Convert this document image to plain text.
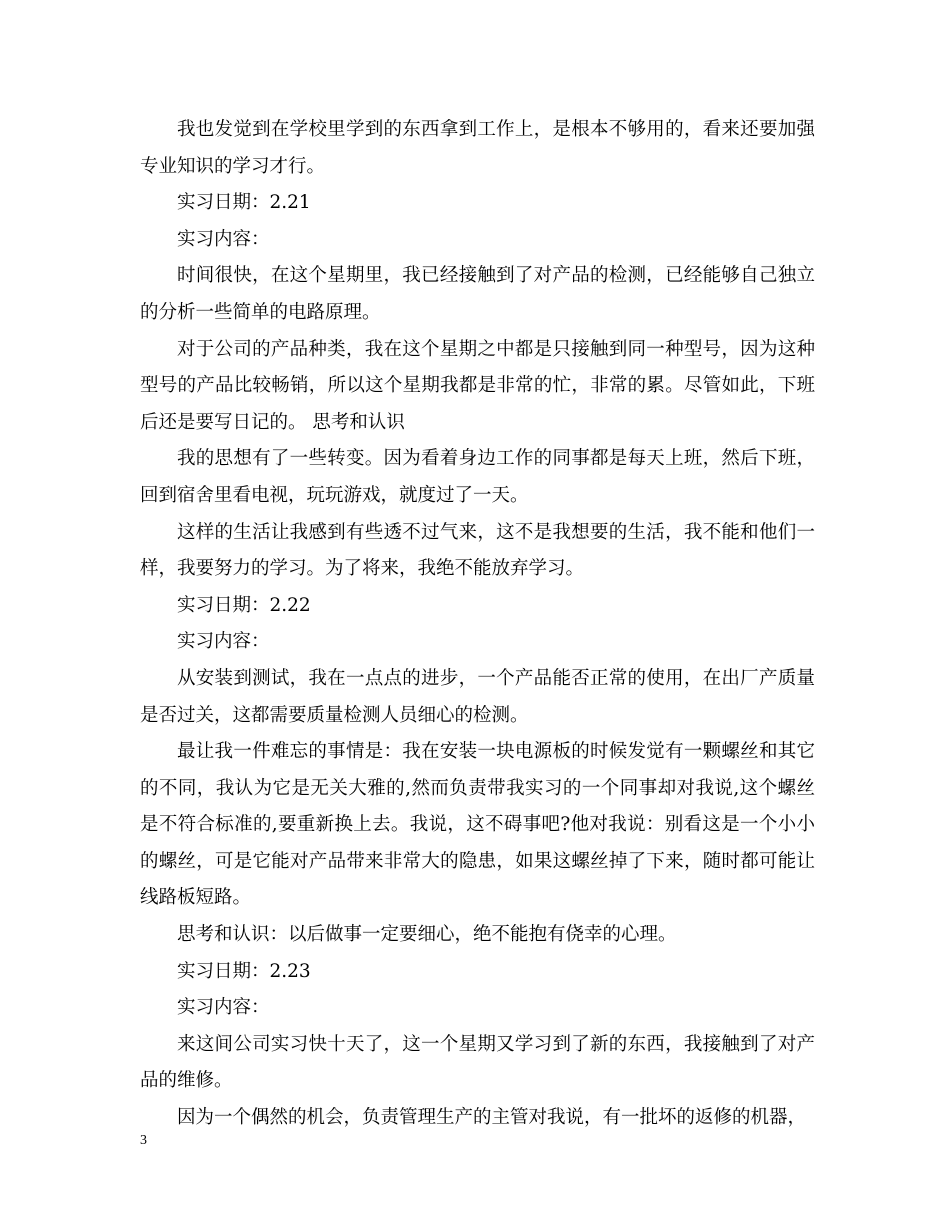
我也发觉到在学校里学到的东西拿到工作上，是根本不够用的，看来还要加强专业知识的学习才行。

实习日期：2.21

实习内容：

时间很快，在这个星期里，我已经接触到了对产品的检测，已经能够自己独立的分析一些简单的电路原理。

对于公司的产品种类，我在这个星期之中都是只接触到同一种型号，因为这种型号的产品比较畅销，所以这个星期我都是非常的忙，非常的累。尽管如此，下班后还是要写日记的。 思考和认识

我的思想有了一些转变。因为看着身边工作的同事都是每天上班，然后下班，回到宿舍里看电视，玩玩游戏，就度过了一天。

这样的生活让我感到有些透不过气来，这不是我想要的生活，我不能和他们一样，我要努力的学习。为了将来，我绝不能放弃学习。

实习日期：2.22

实习内容：

从安装到测试，我在一点点的进步，一个产品能否正常的使用，在出厂产质量是否过关，这都需要质量检测人员细心的检测。

最让我一件难忘的事情是：我在安装一块电源板的时候发觉有一颗螺丝和其它的不同，我认为它是无关大雅的,然而负责带我实习的一个同事却对我说,这个螺丝是不符合标准的,要重新换上去。我说，这不碍事吧?他对我说：别看这是一个小小的螺丝，可是它能对产品带来非常大的隐患，如果这螺丝掉了下来，随时都可能让线路板短路。

思考和认识：以后做事一定要细心，绝不能抱有侥幸的心理。

实习日期：2.23

实习内容：

来这间公司实习快十天了，这一个星期又学习到了新的东西，我接触到了对产品的维修。

因为一个偶然的机会，负责管理生产的主管对我说，有一批坏的返修的机器，

3
